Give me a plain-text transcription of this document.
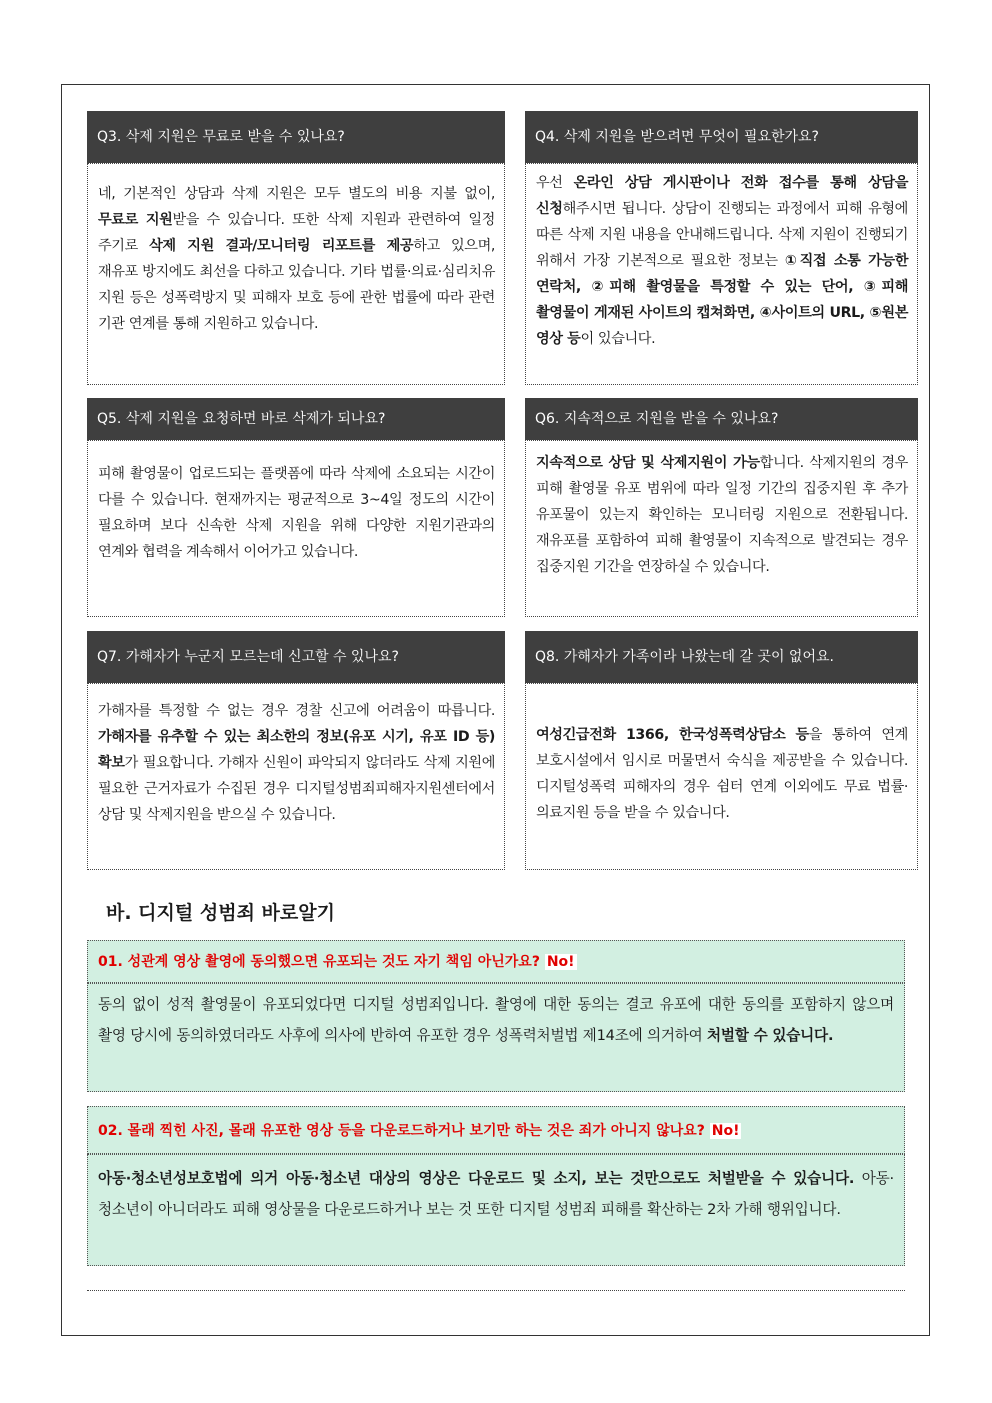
Q3. 삭제 지원은 무료로 받을 수 있나요?
네, 기본적인 상담과 삭제 지원은 모두 별도의 비용 지불 없이, 무료로 지원받을 수 있습니다. 또한 삭제 지원과 관련하여 일정 주기로 삭제 지원 결과/모니터링 리포트를 제공하고 있으며, 재유포 방지에도 최선을 다하고 있습니다. 기타 법률·의료·심리치유 지원 등은 성폭력방지 및 피해자 보호 등에 관한 법률에 따라 관련 기관 연계를 통해 지원하고 있습니다.
Q4. 삭제 지원을 받으려면 무엇이 필요한가요?
우선 온라인 상담 게시판이나 전화 접수를 통해 상담을 신청해주시면 됩니다. 상담이 진행되는 과정에서 피해 유형에 따른 삭제 지원 내용을 안내해드립니다. 삭제 지원이 진행되기 위해서 가장 기본적으로 필요한 정보는 ①직접 소통 가능한 연락처, ②피해 촬영물을 특정할 수 있는 단어, ③피해 촬영물이 게재된 사이트의 캡쳐화면, ④사이트의 URL, ⑤원본 영상 등이 있습니다.
Q5. 삭제 지원을 요청하면 바로 삭제가 되나요?
피해 촬영물이 업로드되는 플랫폼에 따라 삭제에 소요되는 시간이 다를 수 있습니다. 현재까지는 평균적으로 3~4일 정도의 시간이 필요하며 보다 신속한 삭제 지원을 위해 다양한 지원기관과의 연계와 협력을 계속해서 이어가고 있습니다.
Q6. 지속적으로 지원을 받을 수 있나요?
지속적으로 상담 및 삭제지원이 가능합니다. 삭제지원의 경우 피해 촬영물 유포 범위에 따라 일정 기간의 집중지원 후 추가 유포물이 있는지 확인하는 모니터링 지원으로 전환됩니다. 재유포를 포함하여 피해 촬영물이 지속적으로 발견되는 경우 집중지원 기간을 연장하실 수 있습니다.
Q7. 가해자가 누군지 모르는데 신고할 수 있나요?
가해자를 특정할 수 없는 경우 경찰 신고에 어려움이 따릅니다. 가해자를 유추할 수 있는 최소한의 정보(유포 시기, 유포 ID 등) 확보가 필요합니다. 가해자 신원이 파악되지 않더라도 삭제 지원에 필요한 근거자료가 수집된 경우 디지털성범죄피해자지원센터에서 상담 및 삭제지원을 받으실 수 있습니다.
Q8. 가해자가 가족이라 나왔는데 갈 곳이 없어요.
여성긴급전화 1366, 한국성폭력상담소 등을 통하여 연계 보호시설에서 임시로 머물면서 숙식을 제공받을 수 있습니다. 디지털성폭력 피해자의 경우 쉼터 연계 이외에도 무료 법률·의료지원 등을 받을 수 있습니다.
바. 디지털 성범죄 바로알기
01. 성관계 영상 촬영에 동의했으면 유포되는 것도 자기 책임 아닌가요? No!
동의 없이 성적 촬영물이 유포되었다면 디지털 성범죄입니다. 촬영에 대한 동의는 결코 유포에 대한 동의를 포함하지 않으며 촬영 당시에 동의하였더라도 사후에 의사에 반하여 유포한 경우 성폭력처벌법 제14조에 의거하여 처벌할 수 있습니다.
02. 몰래 찍힌 사진, 몰래 유포한 영상 등을 다운로드하거나 보기만 하는 것은 죄가 아니지 않나요? No!
아동·청소년성보호법에 의거 아동·청소년 대상의 영상은 다운로드 및 소지, 보는 것만으로도 처벌받을 수 있습니다. 아동·청소년이 아니더라도 피해 영상물을 다운로드하거나 보는 것 또한 디지털 성범죄 피해를 확산하는 2차 가해 행위입니다.
